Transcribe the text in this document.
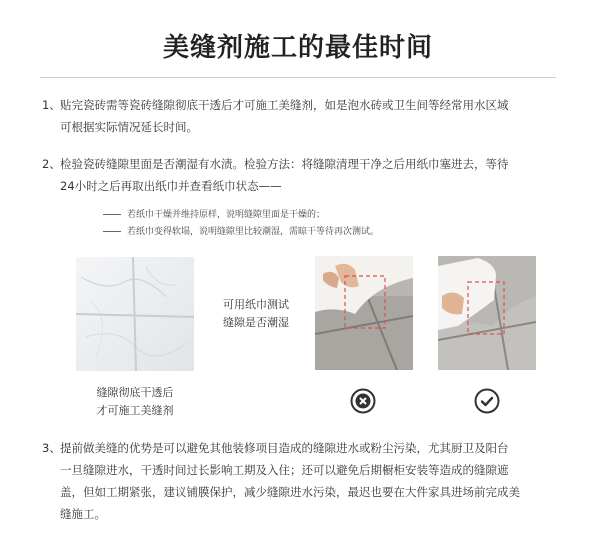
美缝剂施工的最佳时间
1、 贴完瓷砖需等瓷砖缝隙彻底干透后才可施工美缝剂，如是泡水砖或卫生间等经常用水区域
可根据实际情况延长时间。
2、 检验瓷砖缝隙里面是否潮湿有水渍。检验方法：将缝隙清理干净之后用纸巾塞进去，等待
24小时之后再取出纸巾并查看纸巾状态——
若纸巾干燥并维持原样，说明缝隙里面是干燥的；
若纸巾变得软塌，说明缝隙里比较潮湿，需晾干等待再次测试。
可用纸巾测试
缝隙是否潮湿
缝隙彻底干透后
才可施工美缝剂
3、 提前做美缝的优势是可以避免其他装修项目造成的缝隙进水或粉尘污染，尤其厨卫及阳台
一旦缝隙进水，干透时间过长影响工期及入住；还可以避免后期橱柜安装等造成的缝隙遮
盖，但如工期紧张，建议铺膜保护，减少缝隙进水污染，最迟也要在大件家具进场前完成美
缝施工。
